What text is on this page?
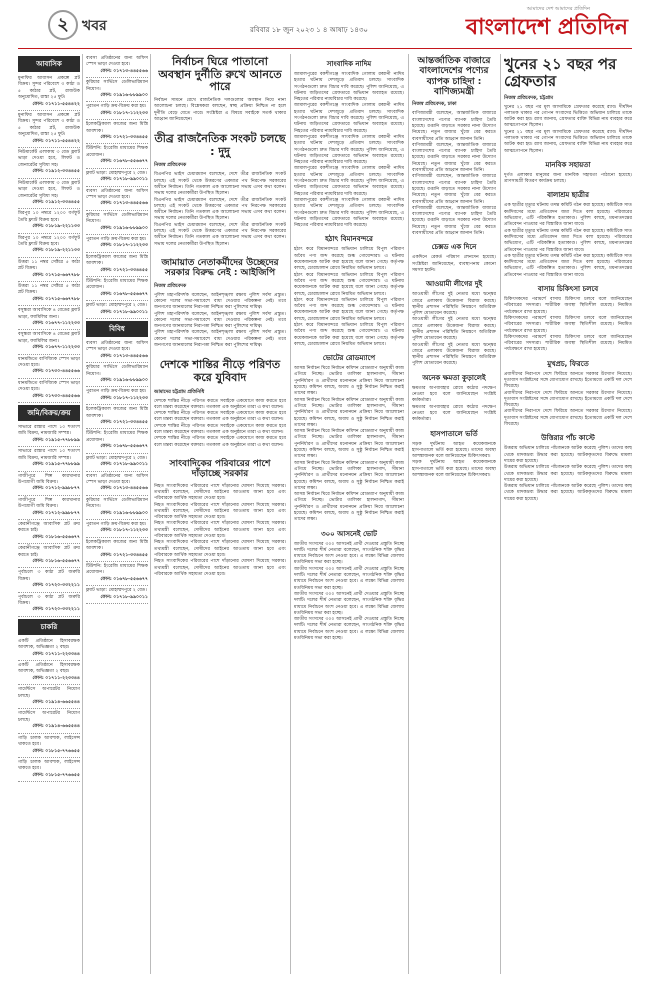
২ খবর	রবিবার ১৮ জুন ২০২৩ ১ ৪ আষাঢ় ১৪৩০
আমাদের দেশ আমাদের প্রতিদিন
বাংলাদেশ প্রতিদিন
আবাসিক
মুনাফির আবাসন প্রকল্পে প্লট বিক্রয়। সুন্দর পরিবেশে ৩ কাঠা ও ৫ কাঠার প্লট, রাজউক অনুমোদিত, রাস্তা ২৫ ফুট।
ফোন: ০১৭১১-৫৫৪৪২২
মুনাফির আবাসন প্রকল্পে প্লট বিক্রয়। সুন্দর পরিবেশে ৩ কাঠা ও ৫ কাঠার প্লট, রাজউক অনুমোদিত, রাস্তা ২৫ ফুট।
ফোন: ০১৭১১-৫৫৪৪২২
নিউমার্কেট এলাকায় ৩ বেড ফ্ল্যাট ভাড়া দেওয়া হবে, লিফট ও জেনারেটর সুবিধা সহ।
ফোন: ০১৯১২-৩৩৪৪৫৫
নিউমার্কেট এলাকায় ৩ বেড ফ্ল্যাট ভাড়া দেওয়া হবে, লিফট ও জেনারেটর সুবিধা সহ।
ফোন: ০১৯১২-৩৩৪৪৫৫
মিরপুর ১০ নম্বরে ১২০০ বর্গফুট তৈরি ফ্ল্যাট বিক্রয় হবে।
ফোন: ০১৮১৯-২২১১৩৩
মিরপুর ১০ নম্বরে ১২০০ বর্গফুট তৈরি ফ্ল্যাট বিক্রয় হবে।
ফোন: ০১৮১৯-২২১১৩৩
উত্তরা ১১ নম্বর সেক্টরে ৫ কাঠা প্লট বিক্রয়।
ফোন: ০১৭১৫-৬৬৭৭৮৮
উত্তরা ১১ নম্বর সেক্টরে ৫ কাঠা প্লট বিক্রয়।
ফোন: ০১৭১৫-৬৬৭৭৮৮
বসুন্ধরা আবাসিকে ৪ বেডের ফ্ল্যাট ভাড়া, ফ্যামিলির জন্য।
ফোন: ০১৬৭৭-১১২২৩৩
বসুন্ধরা আবাসিকে ৪ বেডের ফ্ল্যাট ভাড়া, ফ্যামিলির জন্য।
ফোন: ০১৬৭৭-১১২২৩৩
ধানমন্ডিতে বাণিজ্যিক স্পেস ভাড়া দেওয়া হবে।
ফোন: ০১৭৩০-৪৪৫৫৬৬
ধানমন্ডিতে বাণিজ্যিক স্পেস ভাড়া দেওয়া হবে।
ফোন: ০১৭৩০-৪৪৫৫৬৬
জমি/বিক্রয়/ক্রয়
সাভারে রাস্তার পাশে ১০ শতাংশ জমি বিক্রয়, নামজারি সম্পন্ন।
ফোন: ০১৯১৫-৭৭৮৮৯৯
সাভারে রাস্তার পাশে ১০ শতাংশ জমি বিক্রয়, নামজারি সম্পন্ন।
ফোন: ০১৯১৫-৭৭৮৮৯৯
গাজীপুরে শিল্প কারখানার উপযোগী জমি বিক্রয়।
ফোন: ০১৭১২-৯৯৮৮৭৭
গাজীপুরে শিল্প কারখানার উপযোগী জমি বিক্রয়।
ফোন: ০১৭১২-৯৯৮৮৭৭
কেরানীগঞ্জে আবাসিক প্লট ক্রয় করতে চাই।
ফোন: ০১৮১৬-৫৫৬৬৭৭
কেরানীগঞ্জে আবাসিক প্লট ক্রয় করতে চাই।
ফোন: ০১৮১৬-৫৫৬৬৭৭
পূর্বাচলে ৩ কাঠা প্লট জরুরি বিক্রয়।
ফোন: ০১৭২০-৩৩২২১১
পূর্বাচলে ৩ কাঠা প্লট জরুরি বিক্রয়।
ফোন: ০১৭২০-৩৩২২১১
চাকরি
একটি প্রতিষ্ঠানে হিসাবরক্ষক আবশ্যক, অভিজ্ঞতা ২ বছর।
ফোন: ০১৭১১-২২৩৩৪৪
একটি প্রতিষ্ঠানে হিসাবরক্ষক আবশ্যক, অভিজ্ঞতা ২ বছর।
ফোন: ০১৭১১-২২৩৩৪৪
গার্মেন্টসে অপারেটর নিয়োগ চলছে।
ফোন: ০১৯১৪-৬৬৫৫৪৪
গার্মেন্টসে অপারেটর নিয়োগ চলছে।
ফোন: ০১৯১৪-৬৬৫৫৪৪
গাড়ি চালক আবশ্যক, লাইসেন্স থাকতে হবে।
ফোন: ০১৮১৫-৭৭৬৬৫৫
গাড়ি চালক আবশ্যক, লাইসেন্স থাকতে হবে।
ফোন: ০১৮১৫-৭৭৬৬৫৫
ব্যবসা প্রতিষ্ঠানের জন্য অফিস স্পেস ভাড়া দেওয়া হবে।
ফোন: ০১৭১৩-৪৪৫৫৬৬
কুরিয়ার সার্ভিসে ডেলিভারিম্যান নিয়োগ।
ফোন: ০১৯১৬-৮৮৯৯০০
পুরাতন গাড়ি ক্রয়-বিক্রয় করা হয়।
ফোন: ০১৮১৭-১১২২৩৩
ইলেকট্রিক্যাল কাজের জন্য মিস্ত্রি আবশ্যক।
ফোন: ০১৭২১-৩৩৪৪৫৫
টিউশনি: ইংরেজি মাধ্যমের শিক্ষক প্রয়োজন।
ফোন: ০১৬৭৮-৫৫৬৬৭৭
ফ্ল্যাট ভাড়া: মোহাম্মদপুরে ২ বেড।
ফোন: ০১৭১৮-৯৯০০১১
ব্যবসা প্রতিষ্ঠানের জন্য অফিস স্পেস ভাড়া দেওয়া হবে।
ফোন: ০১৭১৩-৪৪৫৫৬৬
কুরিয়ার সার্ভিসে ডেলিভারিম্যান নিয়োগ।
ফোন: ০১৯১৬-৮৮৯৯০০
পুরাতন গাড়ি ক্রয়-বিক্রয় করা হয়।
ফোন: ০১৮১৭-১১২২৩৩
ইলেকট্রিক্যাল কাজের জন্য মিস্ত্রি আবশ্যক।
ফোন: ০১৭২১-৩৩৪৪৫৫
টিউশনি: ইংরেজি মাধ্যমের শিক্ষক প্রয়োজন।
ফোন: ০১৬৭৮-৫৫৬৬৭৭
ফ্ল্যাট ভাড়া: মোহাম্মদপুরে ২ বেড।
ফোন: ০১৭১৮-৯৯০০১১
বিবিধ
ব্যবসা প্রতিষ্ঠানের জন্য অফিস স্পেস ভাড়া দেওয়া হবে।
ফোন: ০১৭১৩-৪৪৫৫৬৬
কুরিয়ার সার্ভিসে ডেলিভারিম্যান নিয়োগ।
ফোন: ০১৯১৬-৮৮৯৯০০
পুরাতন গাড়ি ক্রয়-বিক্রয় করা হয়।
ফোন: ০১৮১৭-১১২২৩৩
ইলেকট্রিক্যাল কাজের জন্য মিস্ত্রি আবশ্যক।
ফোন: ০১৭২১-৩৩৪৪৫৫
টিউশনি: ইংরেজি মাধ্যমের শিক্ষক প্রয়োজন।
ফোন: ০১৬৭৮-৫৫৬৬৭৭
ফ্ল্যাট ভাড়া: মোহাম্মদপুরে ২ বেড।
ফোন: ০১৭১৮-৯৯০০১১
ব্যবসা প্রতিষ্ঠানের জন্য অফিস স্পেস ভাড়া দেওয়া হবে।
ফোন: ০১৭১৩-৪৪৫৫৬৬
কুরিয়ার সার্ভিসে ডেলিভারিম্যান নিয়োগ।
ফোন: ০১৯১৬-৮৮৯৯০০
পুরাতন গাড়ি ক্রয়-বিক্রয় করা হয়।
ফোন: ০১৮১৭-১১২২৩৩
ইলেকট্রিক্যাল কাজের জন্য মিস্ত্রি আবশ্যক।
ফোন: ০১৭২১-৩৩৪৪৫৫
টিউশনি: ইংরেজি মাধ্যমের শিক্ষক প্রয়োজন।
ফোন: ০১৬৭৮-৫৫৬৬৭৭
ফ্ল্যাট ভাড়া: মোহাম্মদপুরে ২ বেড।
ফোন: ০১৭১৮-৯৯০০১১
নির্বাচন ঘিরে পাতানো অবস্থান দুর্নীতি রুখে আনতে পারে
নির্বাচন সামনে রেখে রাজনৈতিক দলগুলোর অবস্থান নিয়ে নানা আলোচনা চলছে। বিশ্লেষকরা বলছেন, স্বচ্ছ প্রক্রিয়া নিশ্চিত না হলে দুর্নীতি বেড়ে যেতে পারে। সংশ্লিষ্টরা এ বিষয়ে সবাইকে সতর্ক থাকার আহ্বান জানিয়েছেন।
তীব্র রাজনৈতিক সংকট চলছে : দুদু
নিজস্ব প্রতিবেদক
বিএনপির ভাইস চেয়ারম্যান বলেছেন, দেশে তীব্র রাজনৈতিক সংকট চলছে। এই সংকট থেকে উত্তরণের একমাত্র পথ নিরপেক্ষ সরকারের অধীনে নির্বাচন। তিনি গতকাল এক আলোচনা সভায় এসব কথা বলেন। সভায় দলের নেতাকর্মীরা উপস্থিত ছিলেন।
বিএনপির ভাইস চেয়ারম্যান বলেছেন, দেশে তীব্র রাজনৈতিক সংকট চলছে। এই সংকট থেকে উত্তরণের একমাত্র পথ নিরপেক্ষ সরকারের অধীনে নির্বাচন। তিনি গতকাল এক আলোচনা সভায় এসব কথা বলেন। সভায় দলের নেতাকর্মীরা উপস্থিত ছিলেন।
বিএনপির ভাইস চেয়ারম্যান বলেছেন, দেশে তীব্র রাজনৈতিক সংকট চলছে। এই সংকট থেকে উত্তরণের একমাত্র পথ নিরপেক্ষ সরকারের অধীনে নির্বাচন। তিনি গতকাল এক আলোচনা সভায় এসব কথা বলেন। সভায় দলের নেতাকর্মীরা উপস্থিত ছিলেন।
জামায়াত নেতাকর্মীদের উচ্ছেদের সরকার বিরুদ্ধ নেই : আইজিপি
নিজস্ব প্রতিবেদক
পুলিশ মহাপরিদর্শক বলেছেন, আইনশৃঙ্খলা রক্ষায় পুলিশ সর্বদা প্রস্তুত। কোনো দলের সভা-সমাবেশে বাধা দেওয়ার পরিকল্পনা নেই। তবে জনগণের জানমালের নিরাপত্তা নিশ্চিত করা পুলিশের দায়িত্ব।
পুলিশ মহাপরিদর্শক বলেছেন, আইনশৃঙ্খলা রক্ষায় পুলিশ সর্বদা প্রস্তুত। কোনো দলের সভা-সমাবেশে বাধা দেওয়ার পরিকল্পনা নেই। তবে জনগণের জানমালের নিরাপত্তা নিশ্চিত করা পুলিশের দায়িত্ব।
পুলিশ মহাপরিদর্শক বলেছেন, আইনশৃঙ্খলা রক্ষায় পুলিশ সর্বদা প্রস্তুত। কোনো দলের সভা-সমাবেশে বাধা দেওয়ার পরিকল্পনা নেই। তবে জনগণের জানমালের নিরাপত্তা নিশ্চিত করা পুলিশের দায়িত্ব।
দেশকে শান্তির নীড়ে পরিণত করে যুবিবাদ
আমাদের চট্টগ্রাম প্রতিনিধি
দেশকে শান্তির নীড়ে পরিণত করতে সবাইকে একযোগে কাজ করতে হবে বলে মন্তব্য করেছেন বক্তারা। গতকাল এক অনুষ্ঠানে তারা এ কথা বলেন।
দেশকে শান্তির নীড়ে পরিণত করতে সবাইকে একযোগে কাজ করতে হবে বলে মন্তব্য করেছেন বক্তারা। গতকাল এক অনুষ্ঠানে তারা এ কথা বলেন।
দেশকে শান্তির নীড়ে পরিণত করতে সবাইকে একযোগে কাজ করতে হবে বলে মন্তব্য করেছেন বক্তারা। গতকাল এক অনুষ্ঠানে তারা এ কথা বলেন।
দেশকে শান্তির নীড়ে পরিণত করতে সবাইকে একযোগে কাজ করতে হবে বলে মন্তব্য করেছেন বক্তারা। গতকাল এক অনুষ্ঠানে তারা এ কথা বলেন।
সাংবাদিকের পরিবারের পাশে দাঁড়াচ্ছে সরকার
নিহত সাংবাদিকের পরিবারের পাশে দাঁড়ানোর ঘোষণা দিয়েছে সরকার। তথ্যমন্ত্রী বলেছেন, দোষীদের আইনের আওতায় আনা হবে এবং পরিবারকে আর্থিক সহায়তা দেওয়া হবে।
নিহত সাংবাদিকের পরিবারের পাশে দাঁড়ানোর ঘোষণা দিয়েছে সরকার। তথ্যমন্ত্রী বলেছেন, দোষীদের আইনের আওতায় আনা হবে এবং পরিবারকে আর্থিক সহায়তা দেওয়া হবে।
নিহত সাংবাদিকের পরিবারের পাশে দাঁড়ানোর ঘোষণা দিয়েছে সরকার। তথ্যমন্ত্রী বলেছেন, দোষীদের আইনের আওতায় আনা হবে এবং পরিবারকে আর্থিক সহায়তা দেওয়া হবে।
নিহত সাংবাদিকের পরিবারের পাশে দাঁড়ানোর ঘোষণা দিয়েছে সরকার। তথ্যমন্ত্রী বলেছেন, দোষীদের আইনের আওতায় আনা হবে এবং পরিবারকে আর্থিক সহায়তা দেওয়া হবে।
নিহত সাংবাদিকের পরিবারের পাশে দাঁড়ানোর ঘোষণা দিয়েছে সরকার। তথ্যমন্ত্রী বলেছেন, দোষীদের আইনের আওতায় আনা হবে এবং পরিবারকে আর্থিক সহায়তা দেওয়া হবে।
সাংবাদিক নাদিম
জামালপুরের বকশীগঞ্জে সাংবাদিক গোলাম রব্বানী নাদিম হত্যার ঘটনায় দেশজুড়ে প্রতিবাদ চলছে। সাংবাদিক সংগঠনগুলো দ্রুত বিচার দাবি করেছে। পুলিশ জানিয়েছে, এ ঘটনায় জড়িতদের গ্রেফতারে অভিযান অব্যাহত রয়েছে। নিহতের পরিবার ন্যায়বিচার দাবি করেছে।
জামালপুরের বকশীগঞ্জে সাংবাদিক গোলাম রব্বানী নাদিম হত্যার ঘটনায় দেশজুড়ে প্রতিবাদ চলছে। সাংবাদিক সংগঠনগুলো দ্রুত বিচার দাবি করেছে। পুলিশ জানিয়েছে, এ ঘটনায় জড়িতদের গ্রেফতারে অভিযান অব্যাহত রয়েছে। নিহতের পরিবার ন্যায়বিচার দাবি করেছে।
জামালপুরের বকশীগঞ্জে সাংবাদিক গোলাম রব্বানী নাদিম হত্যার ঘটনায় দেশজুড়ে প্রতিবাদ চলছে। সাংবাদিক সংগঠনগুলো দ্রুত বিচার দাবি করেছে। পুলিশ জানিয়েছে, এ ঘটনায় জড়িতদের গ্রেফতারে অভিযান অব্যাহত রয়েছে। নিহতের পরিবার ন্যায়বিচার দাবি করেছে।
জামালপুরের বকশীগঞ্জে সাংবাদিক গোলাম রব্বানী নাদিম হত্যার ঘটনায় দেশজুড়ে প্রতিবাদ চলছে। সাংবাদিক সংগঠনগুলো দ্রুত বিচার দাবি করেছে। পুলিশ জানিয়েছে, এ ঘটনায় জড়িতদের গ্রেফতারে অভিযান অব্যাহত রয়েছে। নিহতের পরিবার ন্যায়বিচার দাবি করেছে।
জামালপুরের বকশীগঞ্জে সাংবাদিক গোলাম রব্বানী নাদিম হত্যার ঘটনায় দেশজুড়ে প্রতিবাদ চলছে। সাংবাদিক সংগঠনগুলো দ্রুত বিচার দাবি করেছে। পুলিশ জানিয়েছে, এ ঘটনায় জড়িতদের গ্রেফতারে অভিযান অব্যাহত রয়েছে। নিহতের পরিবার ন্যায়বিচার দাবি করেছে।
হঠাৎ বিমানবন্দরে
হঠাৎ করে বিমানবন্দরে অভিযান চালিয়ে বিপুল পরিমাণ অবৈধ পণ্য জব্দ করেছে শুল্ক গোয়েন্দারা। এ ঘটনায় কয়েকজনকে আটক করা হয়েছে বলে জানা গেছে। কর্তৃপক্ষ বলছে, চোরাচালান রোধে নিয়মিত অভিযান চলবে।
হঠাৎ করে বিমানবন্দরে অভিযান চালিয়ে বিপুল পরিমাণ অবৈধ পণ্য জব্দ করেছে শুল্ক গোয়েন্দারা। এ ঘটনায় কয়েকজনকে আটক করা হয়েছে বলে জানা গেছে। কর্তৃপক্ষ বলছে, চোরাচালান রোধে নিয়মিত অভিযান চলবে।
হঠাৎ করে বিমানবন্দরে অভিযান চালিয়ে বিপুল পরিমাণ অবৈধ পণ্য জব্দ করেছে শুল্ক গোয়েন্দারা। এ ঘটনায় কয়েকজনকে আটক করা হয়েছে বলে জানা গেছে। কর্তৃপক্ষ বলছে, চোরাচালান রোধে নিয়মিত অভিযান চলবে।
হঠাৎ করে বিমানবন্দরে অভিযান চালিয়ে বিপুল পরিমাণ অবৈধ পণ্য জব্দ করেছে শুল্ক গোয়েন্দারা। এ ঘটনায় কয়েকজনকে আটক করা হয়েছে বলে জানা গেছে। কর্তৃপক্ষ বলছে, চোরাচালান রোধে নিয়মিত অভিযান চলবে।
ভোটের রোডম্যাপে
আসন্ন নির্বাচন ঘিরে নির্বাচন কমিশন রোডম্যাপ অনুযায়ী কাজ এগিয়ে নিচ্ছে। ভোটার তালিকা হালনাগাদ, সীমানা পুনর্নির্ধারণ ও প্রার্থীদের মনোনয়ন প্রক্রিয়া নিয়ে আলোচনা হয়েছে। কমিশন বলছে, অবাধ ও সুষ্ঠু নির্বাচন নিশ্চিত করাই তাদের লক্ষ্য।
আসন্ন নির্বাচন ঘিরে নির্বাচন কমিশন রোডম্যাপ অনুযায়ী কাজ এগিয়ে নিচ্ছে। ভোটার তালিকা হালনাগাদ, সীমানা পুনর্নির্ধারণ ও প্রার্থীদের মনোনয়ন প্রক্রিয়া নিয়ে আলোচনা হয়েছে। কমিশন বলছে, অবাধ ও সুষ্ঠু নির্বাচন নিশ্চিত করাই তাদের লক্ষ্য।
আসন্ন নির্বাচন ঘিরে নির্বাচন কমিশন রোডম্যাপ অনুযায়ী কাজ এগিয়ে নিচ্ছে। ভোটার তালিকা হালনাগাদ, সীমানা পুনর্নির্ধারণ ও প্রার্থীদের মনোনয়ন প্রক্রিয়া নিয়ে আলোচনা হয়েছে। কমিশন বলছে, অবাধ ও সুষ্ঠু নির্বাচন নিশ্চিত করাই তাদের লক্ষ্য।
আসন্ন নির্বাচন ঘিরে নির্বাচন কমিশন রোডম্যাপ অনুযায়ী কাজ এগিয়ে নিচ্ছে। ভোটার তালিকা হালনাগাদ, সীমানা পুনর্নির্ধারণ ও প্রার্থীদের মনোনয়ন প্রক্রিয়া নিয়ে আলোচনা হয়েছে। কমিশন বলছে, অবাধ ও সুষ্ঠু নির্বাচন নিশ্চিত করাই তাদের লক্ষ্য।
আসন্ন নির্বাচন ঘিরে নির্বাচন কমিশন রোডম্যাপ অনুযায়ী কাজ এগিয়ে নিচ্ছে। ভোটার তালিকা হালনাগাদ, সীমানা পুনর্নির্ধারণ ও প্রার্থীদের মনোনয়ন প্রক্রিয়া নিয়ে আলোচনা হয়েছে। কমিশন বলছে, অবাধ ও সুষ্ঠু নির্বাচন নিশ্চিত করাই তাদের লক্ষ্য।
৩০০ আসনেই ভোট
জাতীয় সংসদের ৩০০ আসনেই প্রার্থী দেওয়ার প্রস্তুতি নিচ্ছে দলটি। দলের শীর্ষ নেতারা বলেছেন, সাংগঠনিক শক্তি বৃদ্ধির মাধ্যমে নির্বাচনে অংশ নেওয়া হবে। এ লক্ষ্যে বিভিন্ন জেলায় মতবিনিময় সভা করা হচ্ছে।
জাতীয় সংসদের ৩০০ আসনেই প্রার্থী দেওয়ার প্রস্তুতি নিচ্ছে দলটি। দলের শীর্ষ নেতারা বলেছেন, সাংগঠনিক শক্তি বৃদ্ধির মাধ্যমে নির্বাচনে অংশ নেওয়া হবে। এ লক্ষ্যে বিভিন্ন জেলায় মতবিনিময় সভা করা হচ্ছে।
জাতীয় সংসদের ৩০০ আসনেই প্রার্থী দেওয়ার প্রস্তুতি নিচ্ছে দলটি। দলের শীর্ষ নেতারা বলেছেন, সাংগঠনিক শক্তি বৃদ্ধির মাধ্যমে নির্বাচনে অংশ নেওয়া হবে। এ লক্ষ্যে বিভিন্ন জেলায় মতবিনিময় সভা করা হচ্ছে।
জাতীয় সংসদের ৩০০ আসনেই প্রার্থী দেওয়ার প্রস্তুতি নিচ্ছে দলটি। দলের শীর্ষ নেতারা বলেছেন, সাংগঠনিক শক্তি বৃদ্ধির মাধ্যমে নির্বাচনে অংশ নেওয়া হবে। এ লক্ষ্যে বিভিন্ন জেলায় মতবিনিময় সভা করা হচ্ছে।
আন্তর্জাতিক বাজারে বাংলাদেশের পণ্যের ব্যাপক চাহিদা : বাণিজ্যমন্ত্রী
নিজস্ব প্রতিবেদক, ঢাকা
বাণিজ্যমন্ত্রী বলেছেন, আন্তর্জাতিক বাজারে বাংলাদেশের পণ্যের ব্যাপক চাহিদা তৈরি হয়েছে। রপ্তানি বাড়াতে সরকার নানা উদ্যোগ নিয়েছে। নতুন বাজার খুঁজে বের করতে ব্যবসায়ীদের প্রতি আহ্বান জানান তিনি।
বাণিজ্যমন্ত্রী বলেছেন, আন্তর্জাতিক বাজারে বাংলাদেশের পণ্যের ব্যাপক চাহিদা তৈরি হয়েছে। রপ্তানি বাড়াতে সরকার নানা উদ্যোগ নিয়েছে। নতুন বাজার খুঁজে বের করতে ব্যবসায়ীদের প্রতি আহ্বান জানান তিনি।
বাণিজ্যমন্ত্রী বলেছেন, আন্তর্জাতিক বাজারে বাংলাদেশের পণ্যের ব্যাপক চাহিদা তৈরি হয়েছে। রপ্তানি বাড়াতে সরকার নানা উদ্যোগ নিয়েছে। নতুন বাজার খুঁজে বের করতে ব্যবসায়ীদের প্রতি আহ্বান জানান তিনি।
বাণিজ্যমন্ত্রী বলেছেন, আন্তর্জাতিক বাজারে বাংলাদেশের পণ্যের ব্যাপক চাহিদা তৈরি হয়েছে। রপ্তানি বাড়াতে সরকার নানা উদ্যোগ নিয়েছে। নতুন বাজার খুঁজে বের করতে ব্যবসায়ীদের প্রতি আহ্বান জানান তিনি।
চেক্সড এক দিনে
একদিনে রেকর্ড পরিমাণ লেনদেন হয়েছে। সংশ্লিষ্টরা জানিয়েছেন, ব্যবস্থাপনায় কোনো সমস্যা হয়নি।
আওয়ামী লীগের দুই
আওয়ামী লীগের দুই নেতার মধ্যে দ্বন্দ্বের জেরে এলাকায় উত্তেজনা বিরাজ করছে। স্থানীয় প্রশাসন পরিস্থিতি নিয়ন্ত্রণে অতিরিক্ত পুলিশ মোতায়েন করেছে।
আওয়ামী লীগের দুই নেতার মধ্যে দ্বন্দ্বের জেরে এলাকায় উত্তেজনা বিরাজ করছে। স্থানীয় প্রশাসন পরিস্থিতি নিয়ন্ত্রণে অতিরিক্ত পুলিশ মোতায়েন করেছে।
আওয়ামী লীগের দুই নেতার মধ্যে দ্বন্দ্বের জেরে এলাকায় উত্তেজনা বিরাজ করছে। স্থানীয় প্রশাসন পরিস্থিতি নিয়ন্ত্রণে অতিরিক্ত পুলিশ মোতায়েন করেছে।
অনেক ক্ষমতা কুড়ালেই
ক্ষমতার অপব্যবহার রোধে কঠোর পদক্ষেপ নেওয়া হবে বলে জানিয়েছেন সংশ্লিষ্ট কর্মকর্তারা।
ক্ষমতার অপব্যবহার রোধে কঠোর পদক্ষেপ নেওয়া হবে বলে জানিয়েছেন সংশ্লিষ্ট কর্মকর্তারা।
হাসপাতালে ভর্তি
সড়ক দুর্ঘটনায় আহত কয়েকজনকে হাসপাতালে ভর্তি করা হয়েছে। তাদের অবস্থা আশঙ্কাজনক বলে জানিয়েছেন চিকিৎসকরা।
সড়ক দুর্ঘটনায় আহত কয়েকজনকে হাসপাতালে ভর্তি করা হয়েছে। তাদের অবস্থা আশঙ্কাজনক বলে জানিয়েছেন চিকিৎসকরা।
খুনের ২১ বছর পর গ্রেফতার
নিজস্ব প্রতিবেদক, চট্টগ্রাম
খুনের ২১ বছর পর মূল আসামিকে গ্রেফতার করেছে র‍্যাব। দীর্ঘদিন পলাতক থাকার পর গোপন সংবাদের ভিত্তিতে অভিযান চালিয়ে তাকে আটক করা হয়। র‍্যাব জানায়, গ্রেফতার ব্যক্তি বিভিন্ন নাম ব্যবহার করে আত্মগোপনে ছিলেন।
খুনের ২১ বছর পর মূল আসামিকে গ্রেফতার করেছে র‍্যাব। দীর্ঘদিন পলাতক থাকার পর গোপন সংবাদের ভিত্তিতে অভিযান চালিয়ে তাকে আটক করা হয়। র‍্যাব জানায়, গ্রেফতার ব্যক্তি বিভিন্ন নাম ব্যবহার করে আত্মগোপনে ছিলেন।
মানবিক সহায়তা
দুর্গত এলাকার মানুষের জন্য মানবিক সহায়তা পাঠানো হয়েছে। ত্রাণসামগ্রী বিতরণ কার্যক্রম চলছে।
বালাশ্রম ছাত্রীর
এক ছাত্রীর মৃত্যুর ঘটনায় তদন্ত কমিটি গঠন করা হয়েছে। কমিটিকে সাত কর্মদিবসের মধ্যে প্রতিবেদন জমা দিতে বলা হয়েছে। পরিবারের অভিযোগ, এটি পরিকল্পিত হত্যাকাণ্ড। পুলিশ বলছে, ময়নাতদন্তের প্রতিবেদন পাওয়ার পর বিস্তারিত জানা যাবে।
এক ছাত্রীর মৃত্যুর ঘটনায় তদন্ত কমিটি গঠন করা হয়েছে। কমিটিকে সাত কর্মদিবসের মধ্যে প্রতিবেদন জমা দিতে বলা হয়েছে। পরিবারের অভিযোগ, এটি পরিকল্পিত হত্যাকাণ্ড। পুলিশ বলছে, ময়নাতদন্তের প্রতিবেদন পাওয়ার পর বিস্তারিত জানা যাবে।
এক ছাত্রীর মৃত্যুর ঘটনায় তদন্ত কমিটি গঠন করা হয়েছে। কমিটিকে সাত কর্মদিবসের মধ্যে প্রতিবেদন জমা দিতে বলা হয়েছে। পরিবারের অভিযোগ, এটি পরিকল্পিত হত্যাকাণ্ড। পুলিশ বলছে, ময়নাতদন্তের প্রতিবেদন পাওয়ার পর বিস্তারিত জানা যাবে।
বাসায় চিকিৎসা চলবে
চিকিৎসকদের পরামর্শে বাসায় চিকিৎসা চলবে বলে জানিয়েছেন পরিবারের সদস্যরা। শারীরিক অবস্থা স্থিতিশীল রয়েছে। নিয়মিত পর্যবেক্ষণে রাখা হয়েছে।
চিকিৎসকদের পরামর্শে বাসায় চিকিৎসা চলবে বলে জানিয়েছেন পরিবারের সদস্যরা। শারীরিক অবস্থা স্থিতিশীল রয়েছে। নিয়মিত পর্যবেক্ষণে রাখা হয়েছে।
চিকিৎসকদের পরামর্শে বাসায় চিকিৎসা চলবে বলে জানিয়েছেন পরিবারের সদস্যরা। শারীরিক অবস্থা স্থিতিশীল রয়েছে। নিয়মিত পর্যবেক্ষণে রাখা হয়েছে।
মুখপ্রচ, ফিরতে
প্রবাসীদের নিরাপদে দেশে ফিরিয়ে আনতে সরকার উদ্যোগ নিয়েছে। দূতাবাস সংশ্লিষ্টদের সঙ্গে যোগাযোগ রাখছে। ইতোমধ্যে একটি দল দেশে ফিরেছে।
প্রবাসীদের নিরাপদে দেশে ফিরিয়ে আনতে সরকার উদ্যোগ নিয়েছে। দূতাবাস সংশ্লিষ্টদের সঙ্গে যোগাযোগ রাখছে। ইতোমধ্যে একটি দল দেশে ফিরেছে।
প্রবাসীদের নিরাপদে দেশে ফিরিয়ে আনতে সরকার উদ্যোগ নিয়েছে। দূতাবাস সংশ্লিষ্টদের সঙ্গে যোগাযোগ রাখছে। ইতোমধ্যে একটি দল দেশে ফিরেছে।
উত্তিরার পাঁচ কাস্টে
উত্তরায় অভিযান চালিয়ে পাঁচজনকে আটক করেছে পুলিশ। তাদের কাছ থেকে মাদকদ্রব্য উদ্ধার করা হয়েছে। আটককৃতদের বিরুদ্ধে মামলা দায়ের করা হয়েছে।
উত্তরায় অভিযান চালিয়ে পাঁচজনকে আটক করেছে পুলিশ। তাদের কাছ থেকে মাদকদ্রব্য উদ্ধার করা হয়েছে। আটককৃতদের বিরুদ্ধে মামলা দায়ের করা হয়েছে।
উত্তরায় অভিযান চালিয়ে পাঁচজনকে আটক করেছে পুলিশ। তাদের কাছ থেকে মাদকদ্রব্য উদ্ধার করা হয়েছে। আটককৃতদের বিরুদ্ধে মামলা দায়ের করা হয়েছে।
